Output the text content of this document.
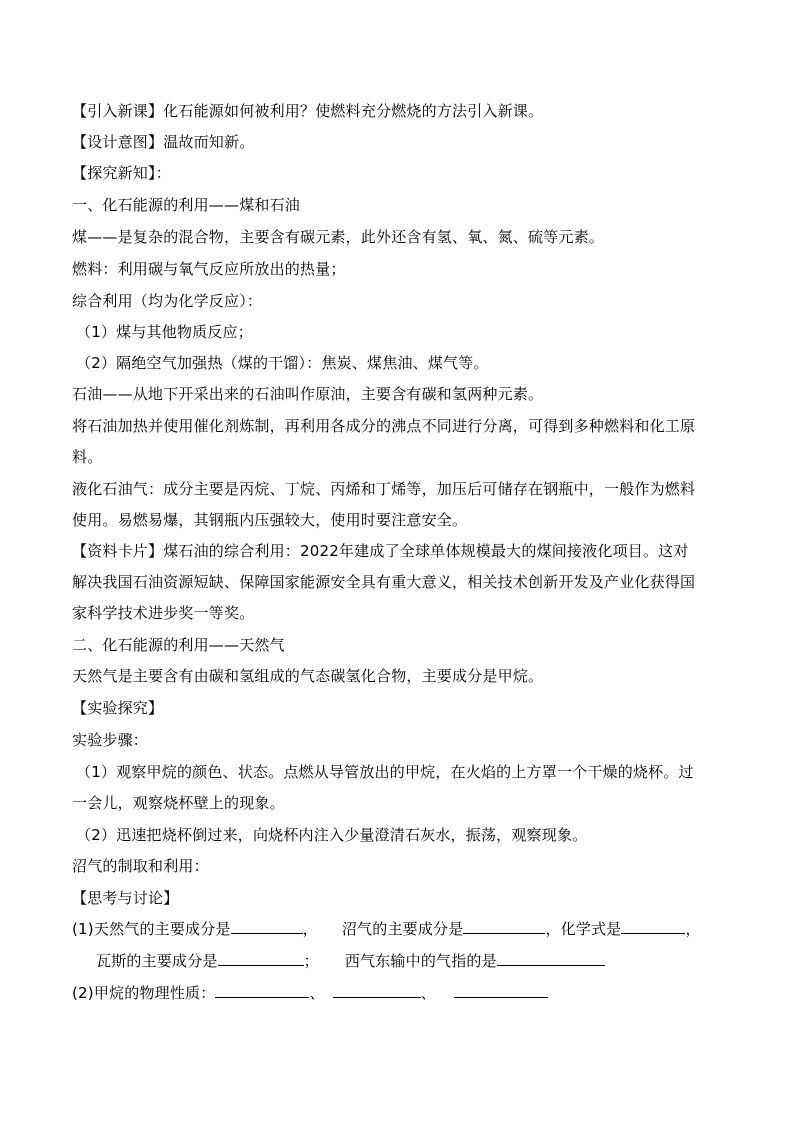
【引入新课】化石能源如何被利用？使燃料充分燃烧的方法引入新课。
【设计意图】温故而知新。
【探究新知】：
一、化石能源的利用——煤和石油
煤——是复杂的混合物，主要含有碳元素，此外还含有氢、氧、氮、硫等元素。
燃料：利用碳与氧气反应所放出的热量；
综合利用（均为化学反应）：
（1）煤与其他物质反应；
（2）隔绝空气加强热（煤的干馏）：焦炭、煤焦油、煤气等。
石油——从地下开采出来的石油叫作原油，主要含有碳和氢两种元素。
将石油加热并使用催化剂炼制，再利用各成分的沸点不同进行分离，可得到多种燃料和化工原
料。
液化石油气：成分主要是丙烷、丁烷、丙烯和丁烯等，加压后可储存在钢瓶中，一般作为燃料
使用。易燃易爆，其钢瓶内压强较大，使用时要注意安全。
【资料卡片】煤石油的综合利用：2022年建成了全球单体规模最大的煤间接液化项目。这对
解决我国石油资源短缺、保障国家能源安全具有重大意义，相关技术创新开发及产业化获得国
家科学技术进步奖一等奖。
二、化石能源的利用——天然气
天然气是主要含有由碳和氢组成的气态碳氢化合物，主要成分是甲烷。
【实验探究】
实验步骤：
（1）观察甲烷的颜色、状态。点燃从导管放出的甲烷，在火焰的上方罩一个干燥的烧杯。过
一会儿，观察烧杯壁上的现象。
（2）迅速把烧杯倒过来，向烧杯内注入少量澄清石灰水，振荡，观察现象。
沼气的制取和利用：
【思考与讨论】
(1)天然气的主要成分是	， 沼气的主要成分是	，化学式是	，
瓦斯的主要成分是	； 西气东输中的气指的是
(2)甲烷的物理性质：	、	、
